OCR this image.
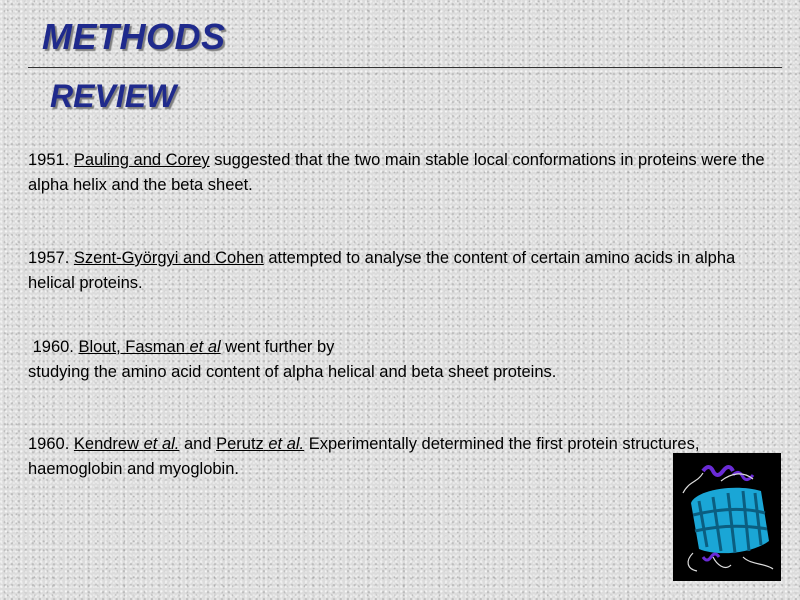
METHODS
REVIEW

1951. Pauling and Corey suggested that the two main stable local conformations in proteins were the alpha helix and the beta sheet.

1957. Szent-Györgyi and Cohen attempted to analyse the content of certain amino acids in alpha helical proteins.

1960. Blout, Fasman et al went further by
studying the amino acid content of alpha helical and beta sheet proteins.

1960. Kendrew et al. and Perutz et al. Experimentally determined the first protein structures, haemoglobin and myoglobin.
